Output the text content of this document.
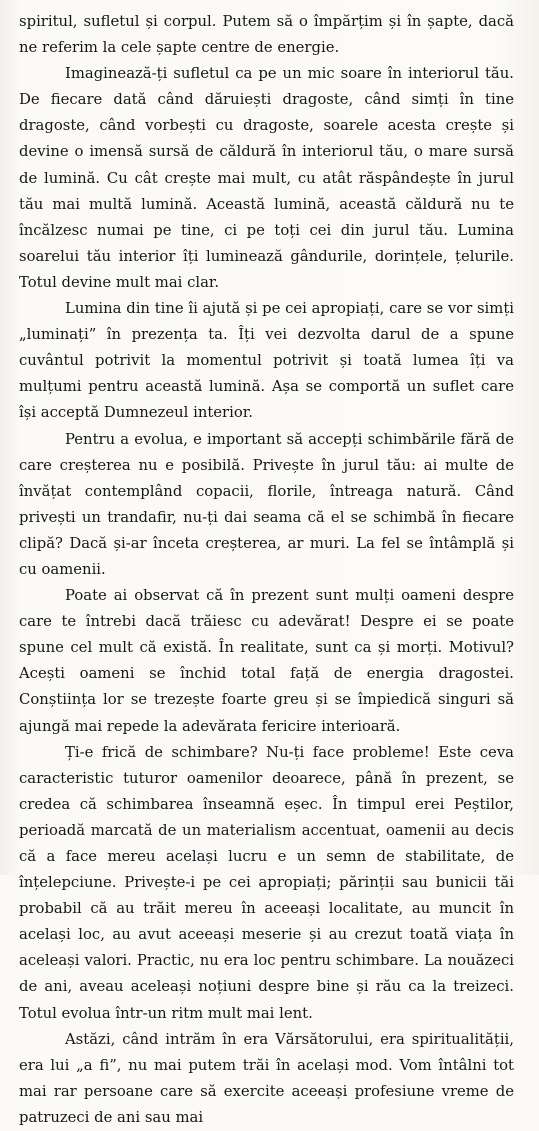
spiritul, sufletul și corpul. Putem să o împărțim și în șapte, dacă ne referim la cele șapte centre de energie.

Imaginează-ți sufletul ca pe un mic soare în interiorul tău. De fiecare dată când dăruiești dragoste, când simți în tine dragoste, când vorbești cu dragoste, soarele acesta crește și devine o imensă sursă de căldură în interiorul tău, o mare sursă de lumină. Cu cât crește mai mult, cu atât răspândește în jurul tău mai multă lumină. Această lumină, această căldură nu te încălzesc numai pe tine, ci pe toți cei din jurul tău. Lumina soarelui tău interior îți luminează gândurile, dorințele, țelurile. Totul devine mult mai clar.

Lumina din tine îi ajută și pe cei apropiați, care se vor simți „luminați” în prezența ta. Îți vei dezvolta darul de a spune cuvântul potrivit la momentul potrivit și toată lumea îți va mulțumi pentru această lumină. Așa se comportă un suflet care își acceptă Dumnezeul interior.

Pentru a evolua, e important să accepți schimbările fără de care creșterea nu e posibilă. Privește în jurul tău: ai multe de învățat contemplând copacii, florile, întreaga natură. Când privești un trandafir, nu-ți dai seama că el se schimbă în fiecare clipă? Dacă și-ar înceta creșterea, ar muri. La fel se întâmplă și cu oamenii.

Poate ai observat că în prezent sunt mulți oameni despre care te întrebi dacă trăiesc cu adevărat! Despre ei se poate spune cel mult că există. În realitate, sunt ca și morți. Motivul? Acești oameni se închid total față de energia dragostei. Conștiința lor se trezește foarte greu și se împiedică singuri să ajungă mai repede la adevărata fericire interioară.

Ți-e frică de schimbare? Nu-ți face probleme! Este ceva caracteristic tuturor oamenilor deoarece, până în prezent, se credea că schimbarea înseamnă eșec. În timpul erei Peștilor, perioadă marcată de un materialism accentuat, oamenii au decis că a face mereu același lucru e un semn de stabilitate, de înțelepciune. Privește-i pe cei apropiați; părinții sau bunicii tăi probabil că au trăit mereu în aceeași localitate, au muncit în același loc, au avut aceeași meserie și au crezut toată viața în aceleași valori. Practic, nu era loc pentru schimbare. La nouăzeci de ani, aveau aceleași noțiuni despre bine și rău ca la treizeci. Totul evolua într-un ritm mult mai lent.

Astăzi, când intrăm în era Vărsătorului, era spiritualității, era lui „a fi”, nu mai putem trăi în același mod. Vom întâlni tot mai rar persoane care să exercite aceeași profesiune vreme de patruzeci de ani sau mai
